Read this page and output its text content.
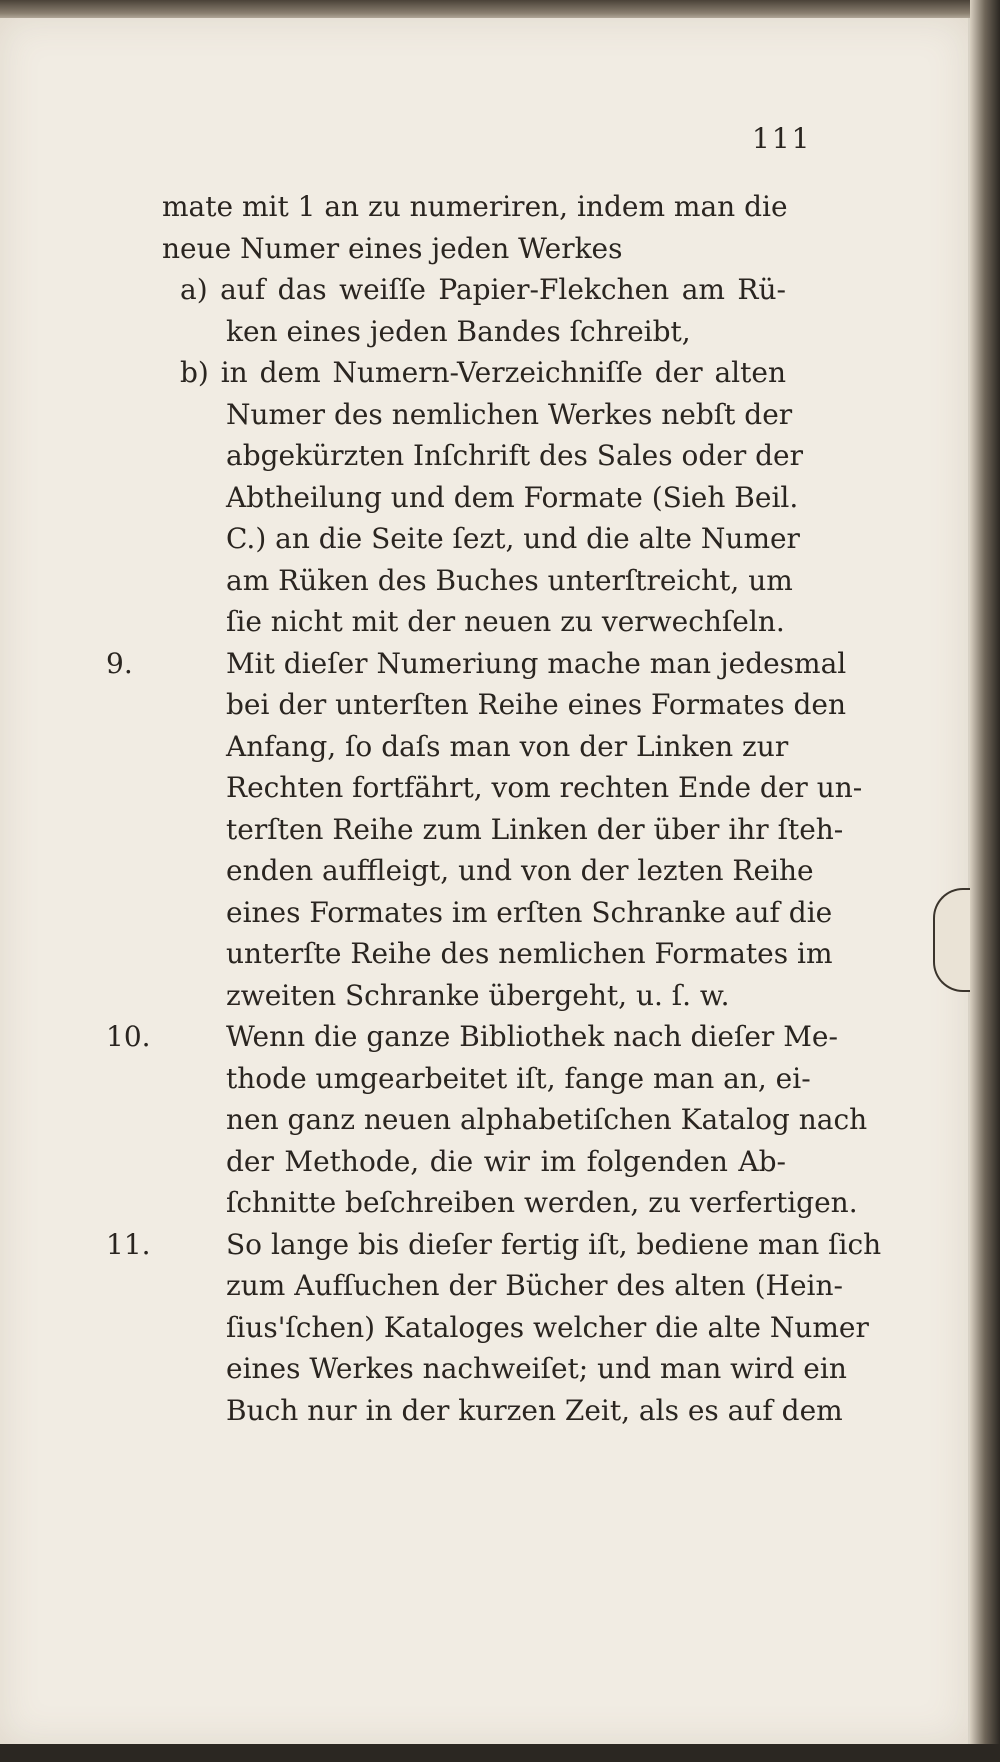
111
mate mit 1 an zu numeriren, indem man die
neue Numer eines jeden Werkes
a) auf das weiſſe Papier-Flekchen am Rü-
ken eines jeden Bandes ſchreibt,
b) in dem Numern-Verzeichniſſe der alten
Numer des nemlichen Werkes nebſt der
abgekürzten Inſchrift des Sales oder der
Abtheilung und dem Formate (Sieh Beil.
C.) an die Seite ſezt, und die alte Numer
am Rüken des Buches unterſtreicht, um
ſie nicht mit der neuen zu verwechſeln.
9.	Mit dieſer Numeriung mache man jedesmal
bei der unterſten Reihe eines Formates den
Anfang, ſo daſs man von der Linken zur
Rechten fortfährt, vom rechten Ende der un-
terſten Reihe zum Linken der über ihr ſteh-
enden auffleigt, und von der lezten Reihe
eines Formates im erſten Schranke auf die
unterſte Reihe des nemlichen Formates im
zweiten Schranke übergeht, u. ſ. w.
10.	Wenn die ganze Bibliothek nach dieſer Me-
thode umgearbeitet iſt, fange man an, ei-
nen ganz neuen alphabetiſchen Katalog nach
der Methode, die wir im folgenden Ab-
ſchnitte beſchreiben werden, zu verfertigen.
11.	So lange bis dieſer fertig iſt, bediene man ſich
zum Aufſuchen der Bücher des alten (Hein-
ſius'ſchen) Kataloges welcher die alte Numer
eines Werkes nachweiſet; und man wird ein
Buch nur in der kurzen Zeit, als es auf dem
